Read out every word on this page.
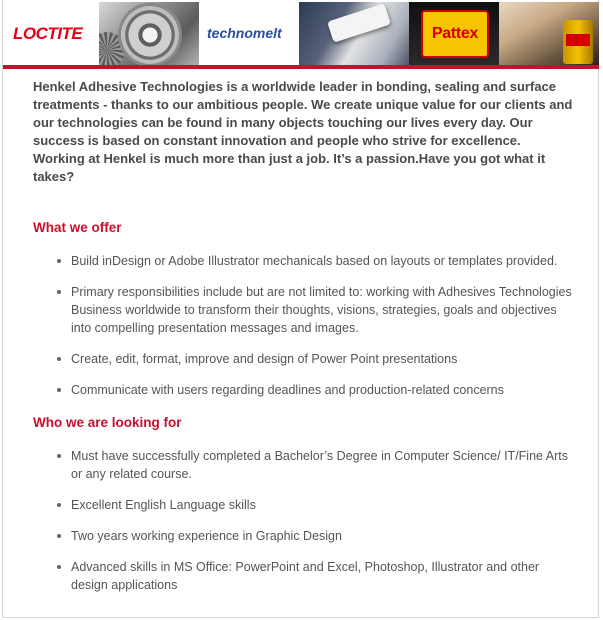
LOCTITE	technomelt	Pattex

Henkel Adhesive Technologies is a worldwide leader in bonding, sealing and surface treatments - thanks to our ambitious people. We create unique value for our clients and our technologies can be found in many objects touching our lives every day. Our success is based on constant innovation and people who strive for excellence. Working at Henkel is much more than just a job. It’s a passion.Have you got what it takes?

What we offer
Build inDesign or Adobe Illustrator mechanicals based on layouts or templates provided.
Primary responsibilities include but are not limited to: working with Adhesives Technologies Business worldwide to transform their thoughts, visions, strategies, goals and objectives into compelling presentation messages and images.
Create, edit, format, improve and design of Power Point presentations
Communicate with users regarding deadlines and production-related concerns
Who we are looking for
Must have successfully completed a Bachelor’s Degree in Computer Science/ IT/Fine Arts or any related course.
Excellent English Language skills
Two years working experience in Graphic Design
Advanced skills in MS Office: PowerPoint and Excel, Photoshop, Illustrator and other design applications
